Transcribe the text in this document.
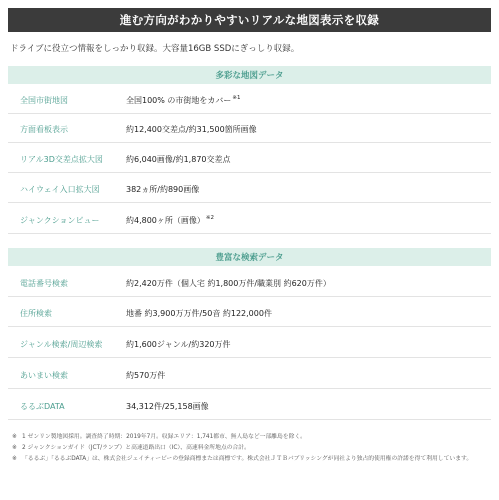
進む方向がわかりやすいリアルな地図表示を収録
ドライブに役立つ情報をしっかり収録。大容量16GB SSDにぎっしり収録。
多彩な地図データ
全国市街地図	全国100% の市街地をカバー$^{※1}$
方面看板表示	約12,400交差点/約31,500箇所画像
リアル3D交差点拡大図	約6,040画像/約1,870交差点
ハイウェイ入口拡大図	382ヵ所/約890画像
ジャンクションビュー	約4,800ヶ所（画像）$^{※2}$
豊富な検索データ
電話番号検索	約2,420万件（個人宅 約1,800万件/職業別 約620万件）
住所検索	地番 約3,900万万件/50音 約122,000件
ジャンル検索/周辺検索	約1,600ジャンル/約320万件
あいまい検索	約570万件
るるぶDATA	34,312件/25,158画像
※ 1 ゼンリン製地図採用。調査終了時期：2019年7月。収録エリア：1,741都市、無人島など一部離島を除く。
※ 2 ジャンクションガイド（JCT/ランプ）と高速道路出口（IC）、高速料金所地点の合計。
※ 「るるぶ」「るるぶDATA」は、株式会社ジェイティービーの登録商標または商標です。株式会社ＪＴＢパブリッシングが同社より独占的使用権の許諾を得て利用しています。
